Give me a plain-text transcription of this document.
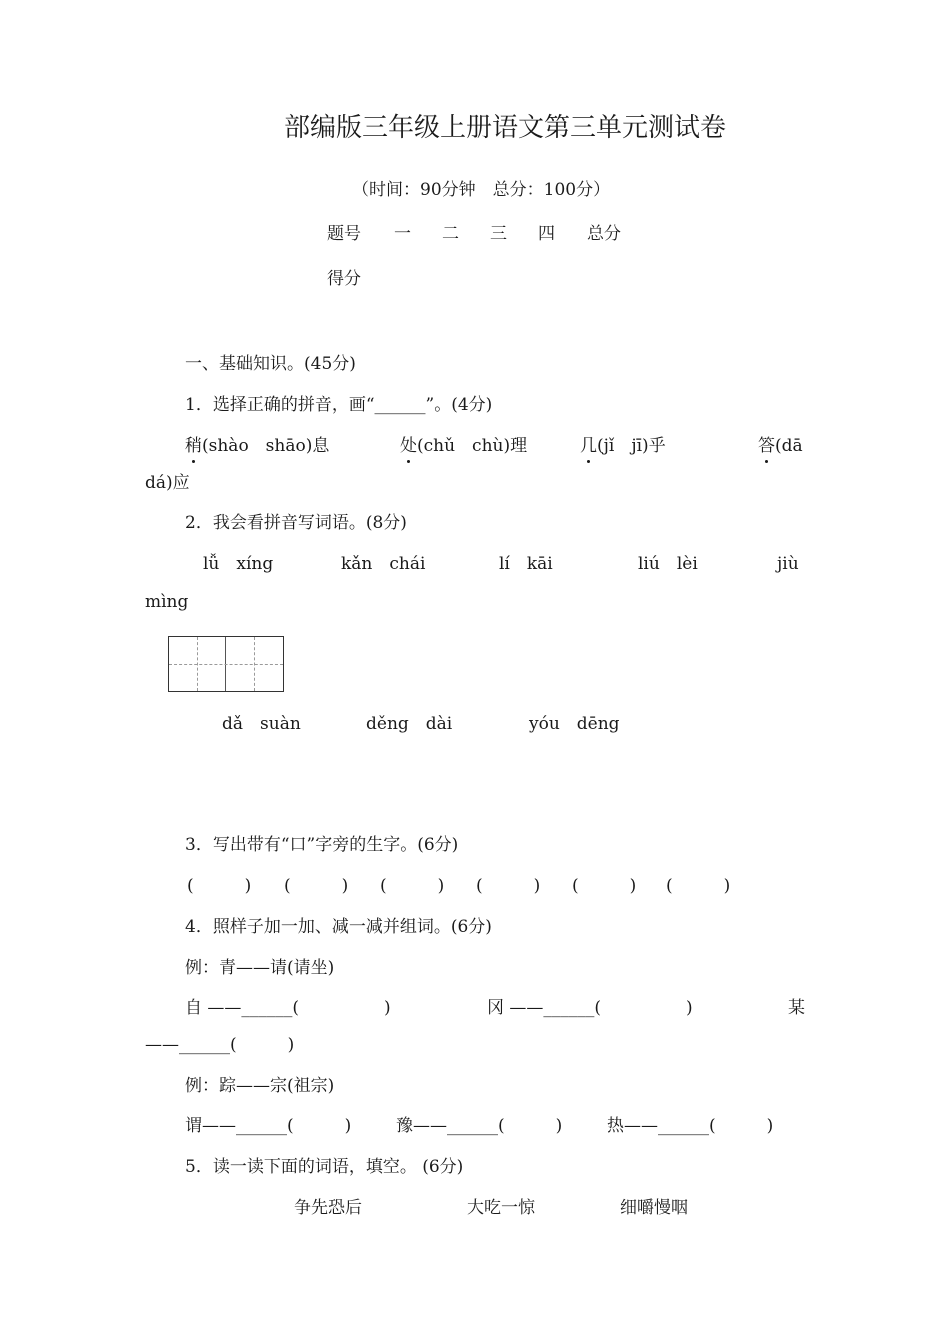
部编版三年级上册语文第三单元测试卷
（时间：90分钟　总分：100分）
题号 一 二 三 四 总分
得分
一、基础知识。(45分)
1．选择正确的拼音，画“______”。(4分)
稍(shào　shāo)息	处(chǔ　chù)理	几(jǐ　jī)乎	答(dā
dá)应
2．我会看拼音写词语。(8分)
lǚ　xíng	kǎn　chái	lí　kāi	liú　lèi	jiù
mìng
dǎ　suàn	děng　dài	yóu　dēng
3．写出带有“口”字旁的生字。(6分)
(　　　) (　　　) (　　　) (　　　) (　　　) (　　　)
4．照样子加一加、减一减并组词。(6分)
例：青——请(请坐)
自 ——______(　　　　　)	冈 ——______(　　　　　)	某
——______(　　　)
例：踪——宗(祖宗)
谓——______(　　　)	豫——______(　　　)	热——______(　　　)
5．读一读下面的词语，填空。 (6分)
争先恐后	大吃一惊	细嚼慢咽
